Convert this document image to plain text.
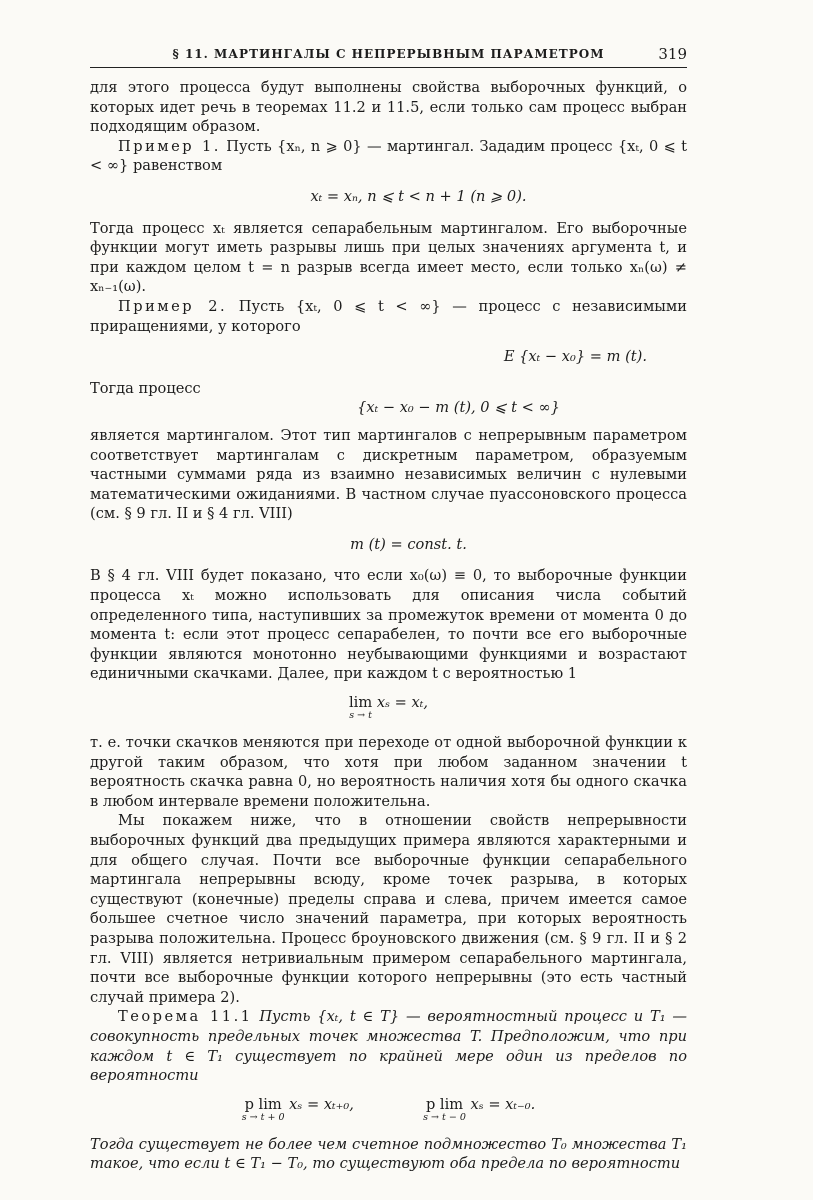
§ 11. МАРТИНГАЛЫ С НЕПРЕРЫВНЫМ ПАРАМЕТРОМ	319

для этого процесса будут выполнены свойства выборочных функций, о которых идет речь в теоремах 11.2 и 11.5, если только сам процесс выбран подходящим образом.

Пример 1. Пусть {xₙ, n ⩾ 0} — мартингал. Зададим процесс {xₜ, 0 ⩽ t < ∞} равенством

xₜ = xₙ, n ⩽ t < n + 1 (n ⩾ 0).

Тогда процесс xₜ является сепарабельным мартингалом. Его выборочные функции могут иметь разрывы лишь при целых значениях аргумента t, и при каждом целом t = n разрыв всегда имеет место, если только xₙ(ω) ≠ xₙ₋₁(ω).

Пример 2. Пусть {xₜ, 0 ⩽ t < ∞} — процесс с независимыми приращениями, у которого

E {xₜ − x₀} = m (t).

Тогда процесс

{xₜ − x₀ − m (t), 0 ⩽ t < ∞}

является мартингалом. Этот тип мартингалов с непрерывным параметром соответствует мартингалам с дискретным параметром, образуемым частными суммами ряда из взаимно независимых величин с нулевыми математическими ожиданиями. В частном случае пуассоновского процесса (см. § 9 гл. II и § 4 гл. VIII)

m (t) = const. t.

В § 4 гл. VIII будет показано, что если x₀(ω) ≡ 0, то выборочные функции процесса xₜ можно использовать для описания числа событий определенного типа, наступивших за промежуток времени от момента 0 до момента t: если этот процесс сепарабелен, то почти все его выборочные функции являются монотонно неубывающими функциями и возрастают единичными скачками. Далее, при каждом t с вероятностью 1

lim
s → t
xₛ = xₜ,

т. е. точки скачков меняются при переходе от одной выборочной функции к другой таким образом, что хотя при любом заданном значении t вероятность скачка равна 0, но вероятность наличия хотя бы одного скачка в любом интервале времени положительна.

Мы покажем ниже, что в отношении свойств непрерывности выборочных функций два предыдущих примера являются характерными и для общего случая. Почти все выборочные функции сепарабельного мартингала непрерывны всюду, кроме точек разрыва, в которых существуют (конечные) пределы справа и слева, причем имеется самое большее счетное число значений параметра, при которых вероятность разрыва положительна. Процесс броуновского движения (см. § 9 гл. II и § 2 гл. VIII) является нетривиальным примером сепарабельного мартингала, почти все выборочные функции которого непрерывны (это есть частный случай примера 2).

Теорема 11.1 Пусть {xₜ, t ∈ T} — вероятностный процесс и T₁ — совокупность предельных точек множества T. Предположим, что при каждом t ∈ T₁ существует по крайней мере один из пределов по вероятности

p lim
s → t + 0
xₛ = xₜ₊₀,	p lim
s → t − 0
xₛ = xₜ₋₀.

Тогда существует не более чем счетное подмножество T₀ множества T₁ такое, что если t ∈ T₁ − T₀, то существуют оба предела по вероятности
